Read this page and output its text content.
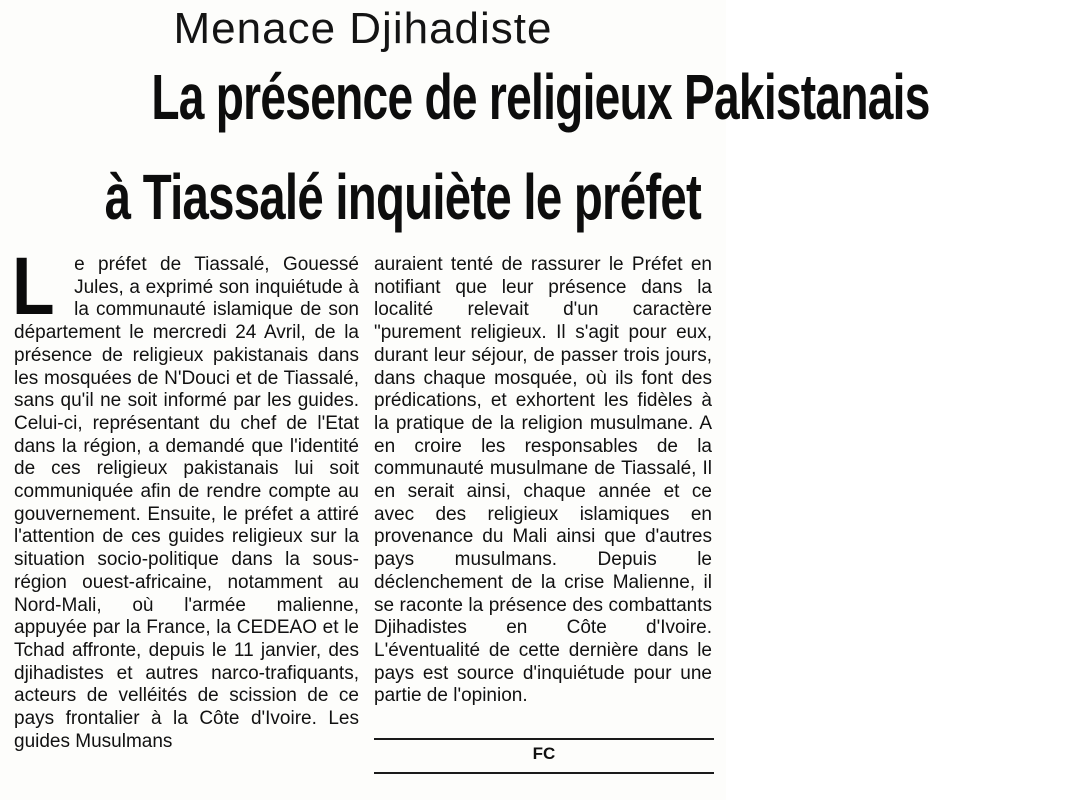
Menace Djihadiste
La présence de religieux Pakistanais
à Tiassalé inquiète le préfet
L	e préfet de Tiassalé, Gouessé Jules, a exprimé son inquiétude à la communauté islamique de son département le mercredi 24 Avril, de la présence de religieux pakistanais dans les mosquées de N'Douci et de Tiassalé, sans qu'il ne soit informé par les guides. Celui-ci, représentant du chef de l'Etat dans la région, a demandé que l'identité de ces religieux pakistanais lui soit communiquée afin de rendre compte au gouvernement. Ensuite, le préfet a attiré l'attention de ces guides religieux sur la situation socio-politique dans la sous-région ouest-africaine, notamment au Nord-Mali, où l'armée malienne, appuyée par la France, la CEDEAO et le Tchad affronte, depuis le 11 janvier, des djihadistes et autres narco-trafiquants, acteurs de velléités de scission de ce pays frontalier à la Côte d'Ivoire. Les guides Musulmans

auraient tenté de rassurer le Préfet en notifiant que leur présence dans la localité relevait d'un caractère "purement religieux. Il s'agit pour eux, durant leur séjour, de passer trois jours, dans chaque mosquée, où ils font des prédications, et exhortent les fidèles à la pratique de la religion musulmane. A en croire les responsables de la communauté musulmane de Tiassalé, Il en serait ainsi, chaque année et ce avec des religieux islamiques en provenance du Mali ainsi que d'autres pays musulmans. Depuis le déclenchement de la crise Malienne, il se raconte la présence des combattants Djihadistes en Côte d'Ivoire. L'éventualité de cette dernière dans le pays est source d'inquiétude pour une partie de l'opinion.

FC
